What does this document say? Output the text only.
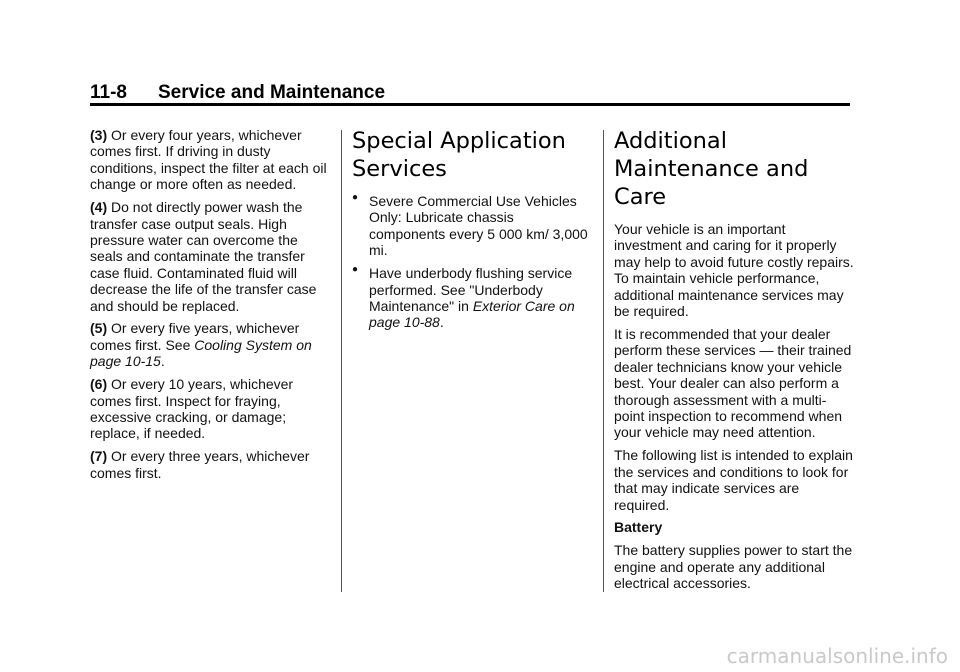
11-8 Service and Maintenance

(3) Or every four years, whichever comes first. If driving in dusty conditions, inspect the filter at each oil change or more often as needed.

(4) Do not directly power wash the transfer case output seals. High pressure water can overcome the seals and contaminate the transfer case fluid. Contaminated fluid will decrease the life of the transfer case and should be replaced.

(5) Or every five years, whichever comes first. See Cooling System on page 10-15.

(6) Or every 10 years, whichever comes first. Inspect for fraying, excessive cracking, or damage; replace, if needed.

(7) Or every three years, whichever comes first.

Special Application Services
● Severe Commercial Use Vehicles Only: Lubricate chassis components every 5 000 km/ 3,000 mi.
● Have underbody flushing service performed. See "Underbody Maintenance" in Exterior Care on page 10-88.
Additional Maintenance and Care

Your vehicle is an important investment and caring for it properly may help to avoid future costly repairs. To maintain vehicle performance, additional maintenance services may be required.

It is recommended that your dealer perform these services — their trained dealer technicians know your vehicle best. Your dealer can also perform a thorough assessment with a multi-point inspection to recommend when your vehicle may need attention.

The following list is intended to explain the services and conditions to look for that may indicate services are required.

Battery

The battery supplies power to start the engine and operate any additional electrical accessories.

carmanualsonline.info
